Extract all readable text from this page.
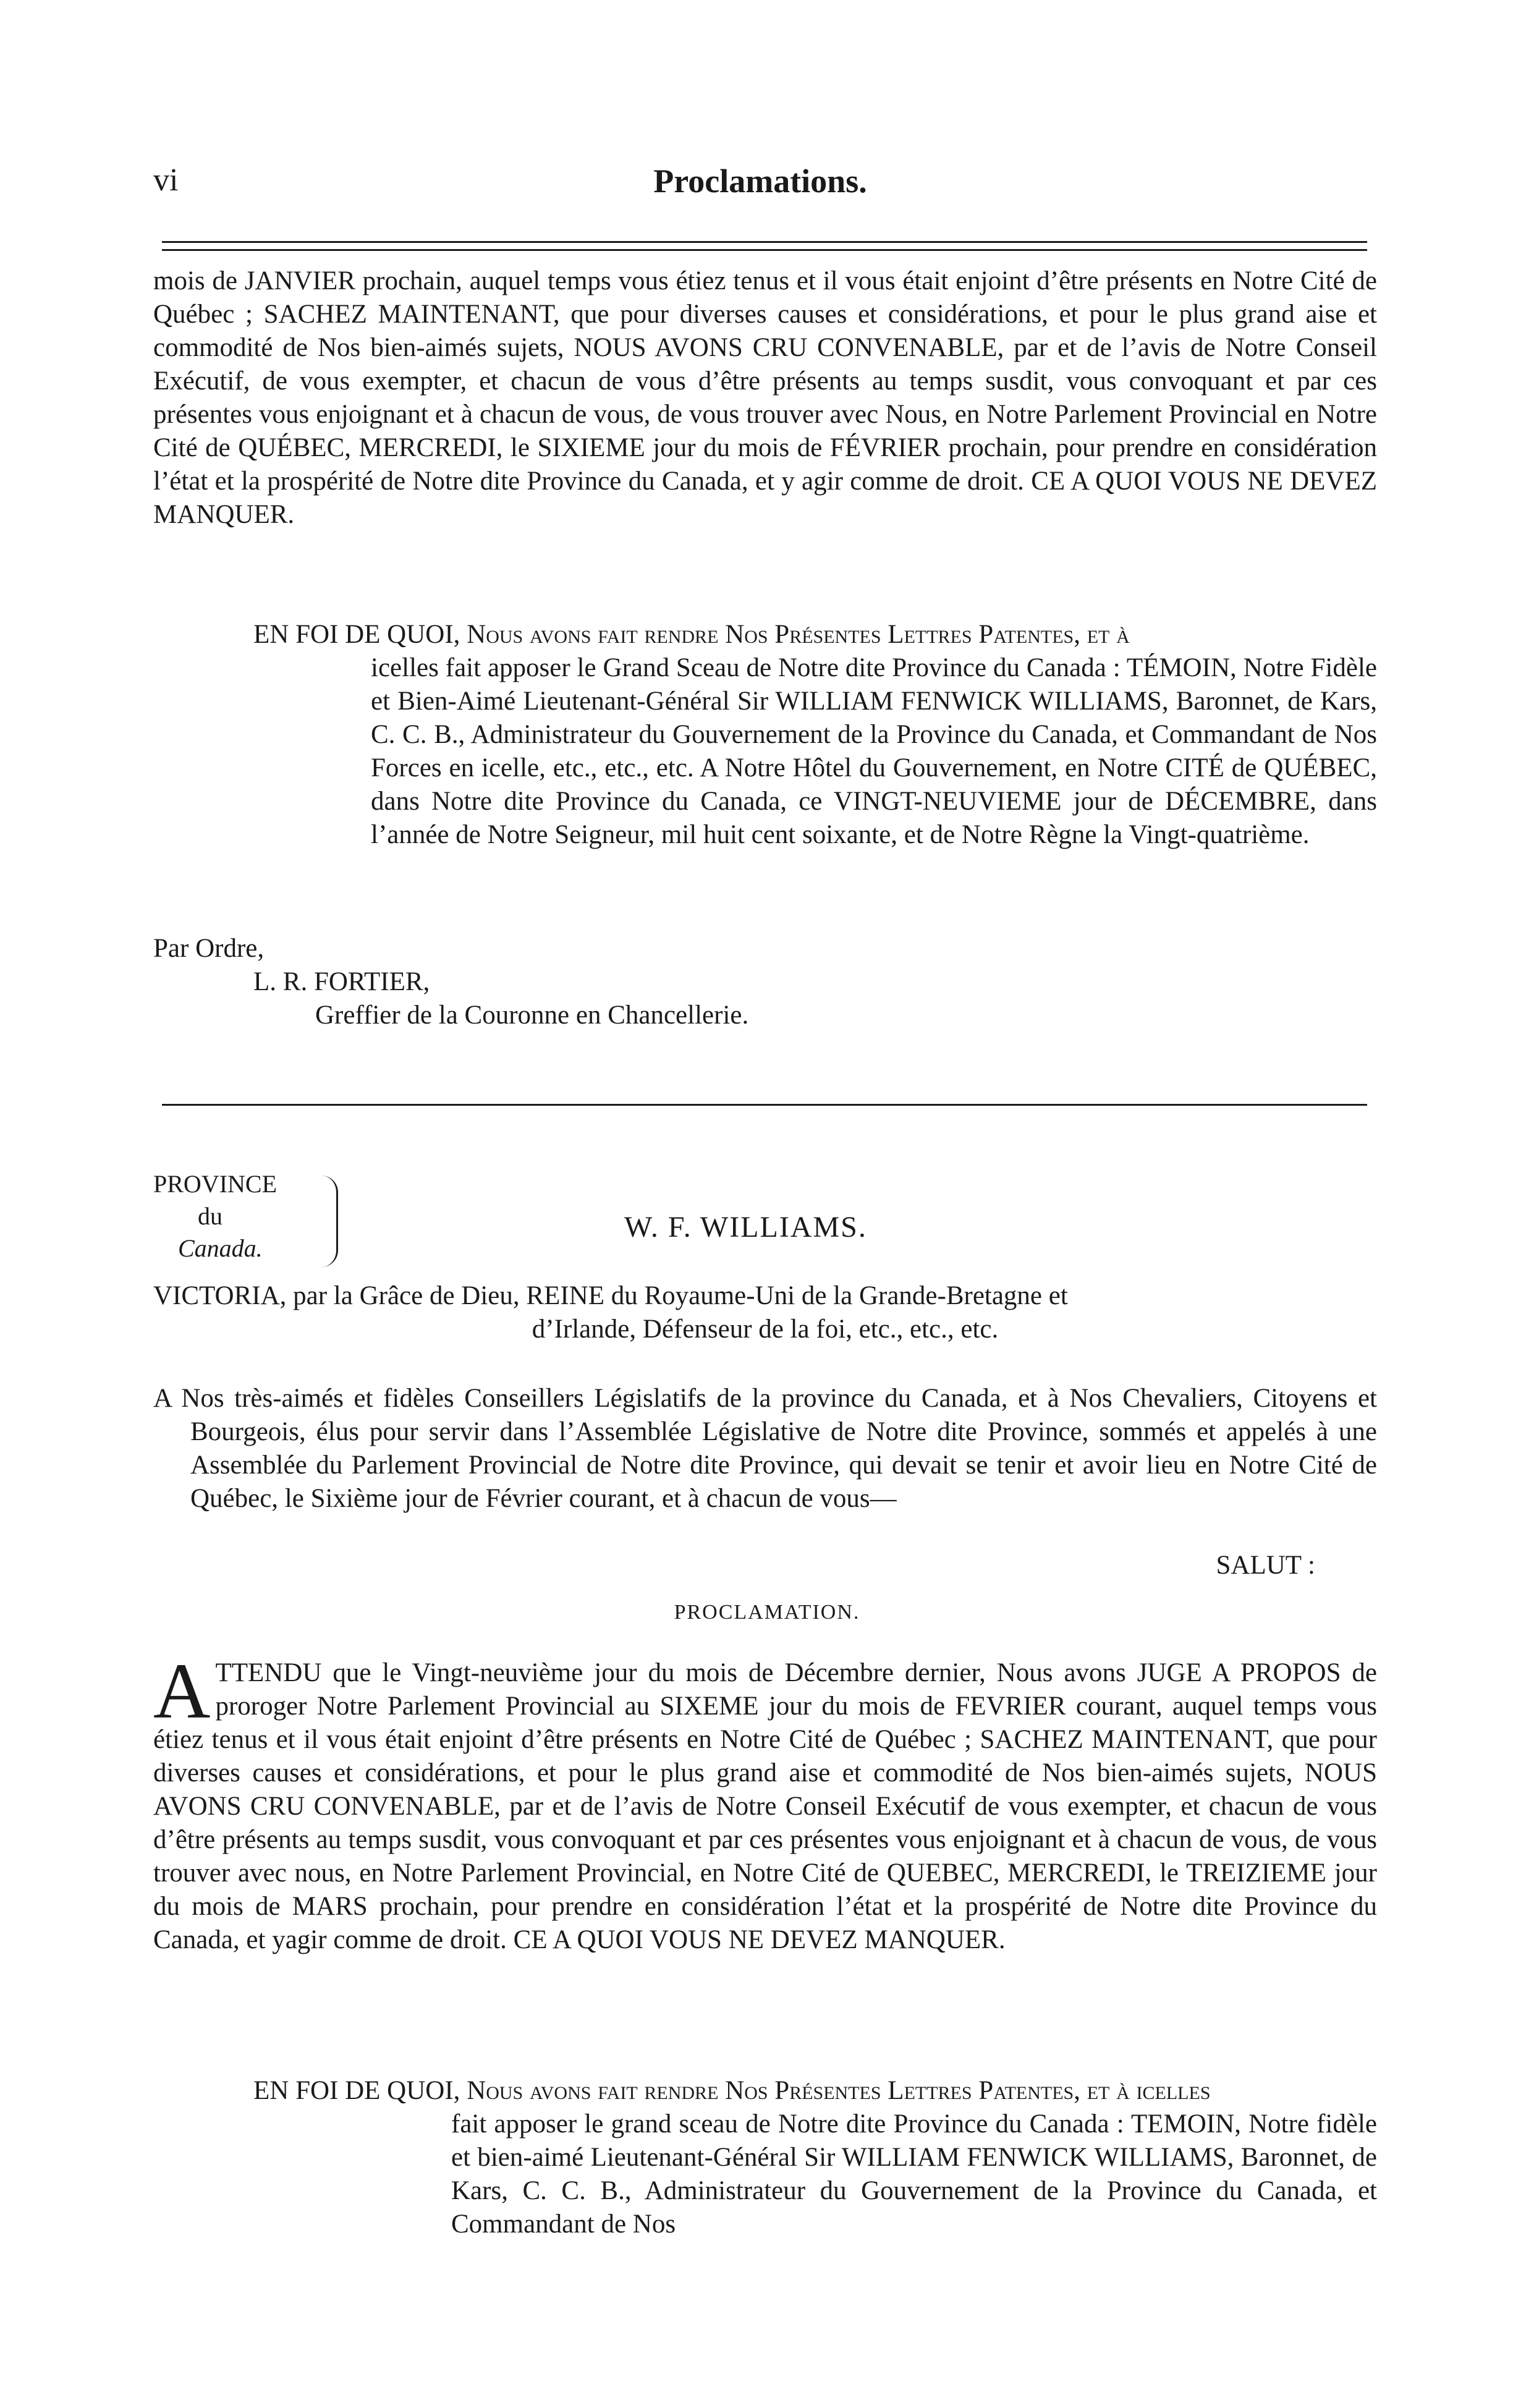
vi	Proclamations.
mois de JANVIER prochain, auquel temps vous étiez tenus et il vous était enjoint d’être présents en Notre Cité de Québec ; SACHEZ MAINTENANT, que pour diverses causes et considérations, et pour le plus grand aise et commodité de Nos bien-aimés sujets, NOUS AVONS CRU CONVENABLE, par et de l’avis de Notre Conseil Exécutif, de vous exempter, et chacun de vous d’être présents au temps susdit, vous convoquant et par ces présentes vous enjoignant et à chacun de vous, de vous trouver avec Nous, en Notre Parlement Provincial en Notre Cité de QUÉBEC, MERCREDI, le SIXIEME jour du mois de FÉVRIER prochain, pour prendre en considération l’état et la prospérité de Notre dite Province du Canada, et y agir comme de droit. CE A QUOI VOUS NE DEVEZ MANQUER.
EN FOI DE QUOI, Nous avons fait rendre Nos Présentes Lettres Patentes, et à
icelles fait apposer le Grand Sceau de Notre dite Province du Canada : TÉMOIN, Notre Fidèle et Bien-Aimé Lieutenant-Général Sir WILLIAM FENWICK WILLIAMS, Baronnet, de Kars, C. C. B., Administrateur du Gouvernement de la Province du Canada, et Commandant de Nos Forces en icelle, etc., etc., etc. A Notre Hôtel du Gouvernement, en Notre CITÉ de QUÉBEC, dans Notre dite Province du Canada, ce VINGT-NEUVIEME jour de DÉCEMBRE, dans l’année de Notre Seigneur, mil huit cent soixante, et de Notre Règne la Vingt-quatrième.
Par Ordre,
L. R. FORTIER,
Greffier de la Couronne en Chancellerie.
PROVINCE
du
Canada.
W. F. WILLIAMS.
VICTORIA, par la Grâce de Dieu, REINE du Royaume-Uni de la Grande-Bretagne et
d’Irlande, Défenseur de la foi, etc., etc., etc.
A Nos très-aimés et fidèles Conseillers Législatifs de la province du Canada, et à Nos Chevaliers, Citoyens et Bourgeois, élus pour servir dans l’Assemblée Législative de Notre dite Province, sommés et appelés à une Assemblée du Parlement Provincial de Notre dite Province, qui devait se tenir et avoir lieu en Notre Cité de Québec, le Sixième jour de Février courant, et à chacun de vous—
SALUT :
PROCLAMATION.
A TTENDU que le Vingt-neuvième jour du mois de Décembre dernier, Nous avons JUGE A PROPOS de proroger Notre Parlement Provincial au SIXEME jour du mois de FEVRIER courant, auquel temps vous étiez tenus et il vous était enjoint d’être présents en Notre Cité de Québec ; SACHEZ MAINTENANT, que pour diverses causes et considérations, et pour le plus grand aise et commodité de Nos bien-aimés sujets, NOUS AVONS CRU CONVENABLE, par et de l’avis de Notre Conseil Exécutif de vous exempter, et chacun de vous d’être présents au temps susdit, vous convoquant et par ces présentes vous enjoignant et à chacun de vous, de vous trouver avec nous, en Notre Parlement Provincial, en Notre Cité de QUEBEC, MERCREDI, le TREIZIEME jour du mois de MARS prochain, pour prendre en considération l’état et la prospérité de Notre dite Province du Canada, et yagir comme de droit. CE A QUOI VOUS NE DEVEZ MANQUER.
EN FOI DE QUOI, Nous avons fait rendre Nos Présentes Lettres Patentes, et à icelles
fait apposer le grand sceau de Notre dite Province du Canada : TEMOIN, Notre fidèle et bien-aimé Lieutenant-Général Sir WILLIAM FENWICK WILLIAMS, Baronnet, de Kars, C. C. B., Administrateur du Gouvernement de la Province du Canada, et Commandant de Nos
